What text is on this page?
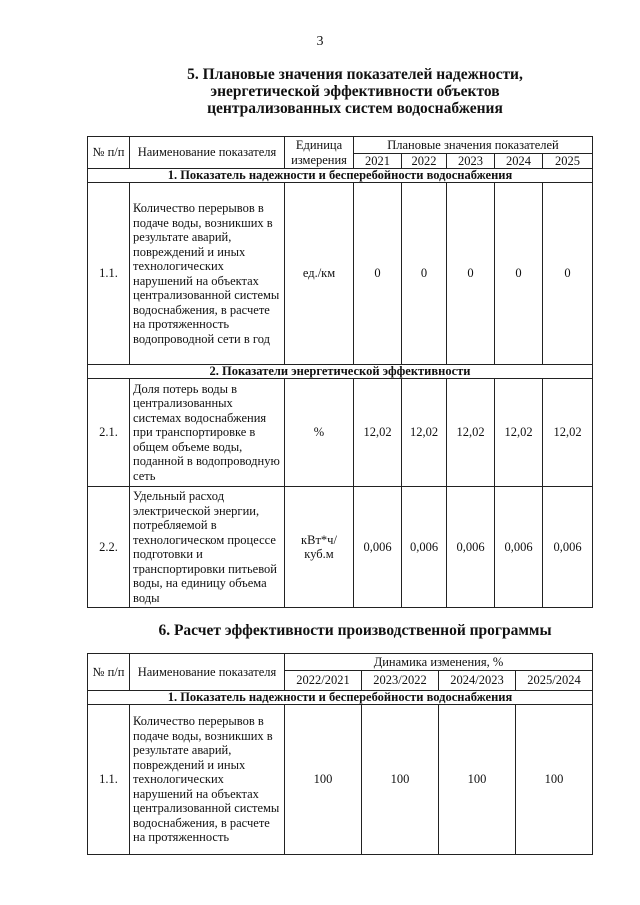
3
5. Плановые значения показателей надежности,
энергетической эффективности объектов
централизованных систем водоснабжения
№ п/п	Наименование показателя	Единица измерения	Плановые значения показателей				
			2021	2022	2023	2024	2025
1. Показатель надежности и бесперебойности водоснабжения							
1.1.	Количество перерывов в подаче воды, возникших в результате аварий, повреждений и иных технологических нарушений на объектах централизованной системы водоснабжения, в расчете на протяженность водопроводной сети в год	ед./км	0	0	0	0	0
2. Показатели энергетической эффективности							
2.1.	Доля потерь воды в централизованных системах водоснабжения при транспортировке в общем объеме воды, поданной в водопроводную сеть	%	12,02	12,02	12,02	12,02	12,02
2.2.	Удельный расход электрической энергии, потребляемой в технологическом процессе подготовки и транспортировки питьевой воды, на единицу объема воды	кВт*ч/ куб.м	0,006	0,006	0,006	0,006	0,006
6. Расчет эффективности производственной программы
№ п/п	Наименование показателя	Динамика изменения, %			
		2022/2021	2023/2022	2024/2023	2025/2024
1. Показатель надежности и бесперебойности водоснабжения					
1.1.	Количество перерывов в подаче воды, возникших в результате аварий, повреждений и иных технологических нарушений на объектах централизованной системы водоснабжения, в расчете на протяженность	100	100	100	100
